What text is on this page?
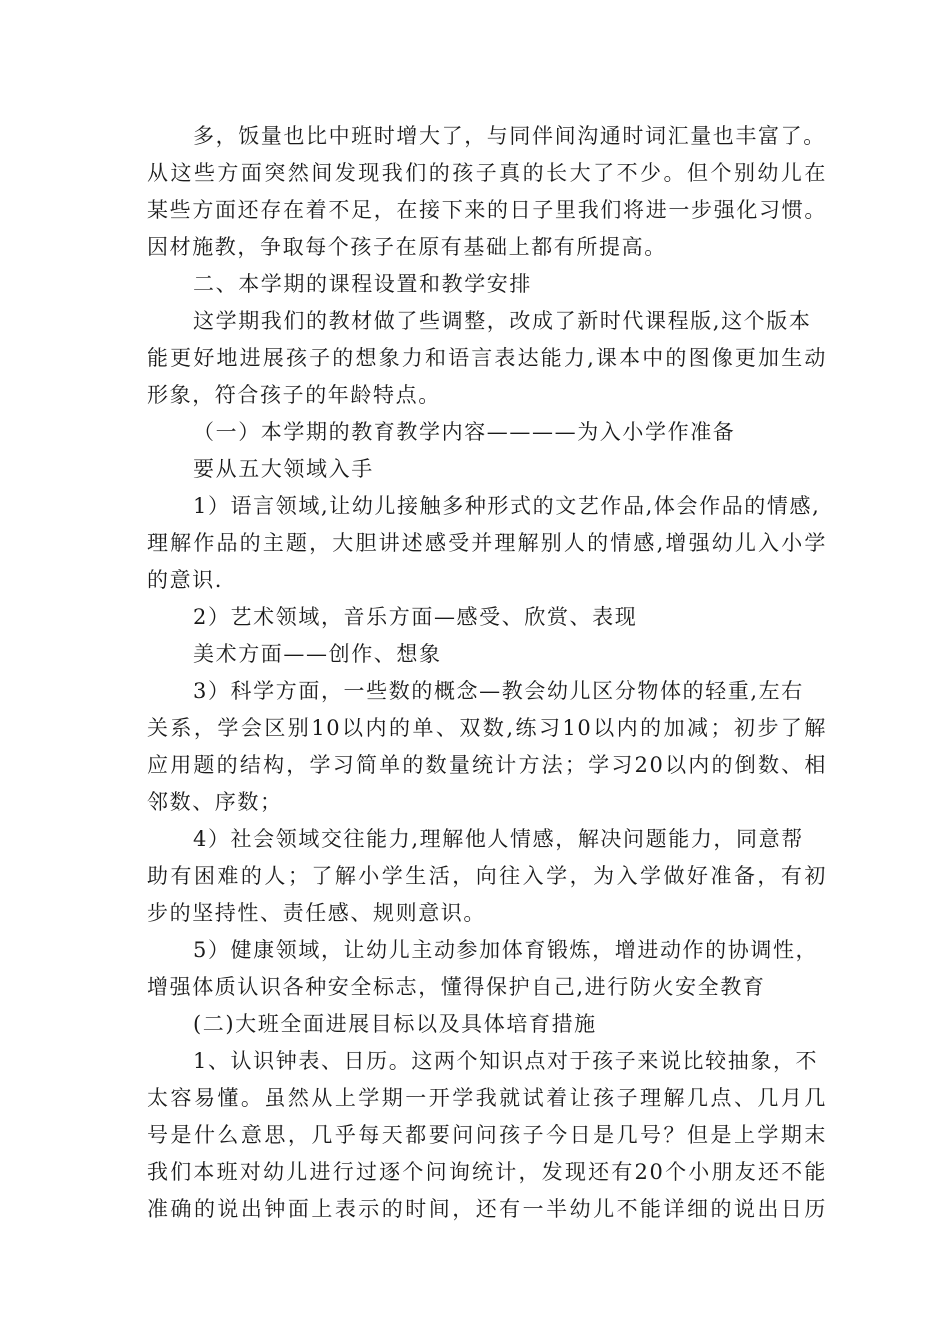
多，饭量也比中班时增大了，与同伴间沟通时词汇量也丰富了。
从这些方面突然间发现我们的孩子真的长大了不少。但个别幼儿在
某些方面还存在着不足，在接下来的日子里我们将进一步强化习惯。
因材施教，争取每个孩子在原有基础上都有所提高。
二、本学期的课程设置和教学安排
这学期我们的教材做了些调整，改成了新时代课程版,这个版本
能更好地进展孩子的想象力和语言表达能力,课本中的图像更加生动
形象，符合孩子的年龄特点。
（一）本学期的教育教学内容————为入小学作准备
要从五大领域入手
1）语言领域,让幼儿接触多种形式的文艺作品,体会作品的情感,
理解作品的主题，大胆讲述感受并理解别人的情感,增强幼儿入小学
的意识.
2）艺术领域，音乐方面—感受、欣赏、表现
美术方面——创作、想象
3）科学方面，一些数的概念—教会幼儿区分物体的轻重,左右
关系，学会区别10以内的单、双数,练习10以内的加减；初步了解
应用题的结构，学习简单的数量统计方法；学习20以内的倒数、相
邻数、序数；
4）社会领域交往能力,理解他人情感，解决问题能力，同意帮
助有困难的人；了解小学生活，向往入学，为入学做好准备，有初
步的坚持性、责任感、规则意识。
5）健康领域，让幼儿主动参加体育锻炼，增进动作的协调性，
增强体质认识各种安全标志，懂得保护自己,进行防火安全教育
(二)大班全面进展目标以及具体培育措施
1、认识钟表、日历。这两个知识点对于孩子来说比较抽象，不
太容易懂。虽然从上学期一开学我就试着让孩子理解几点、几月几
号是什么意思，几乎每天都要问问孩子今日是几号？但是上学期末
我们本班对幼儿进行过逐个问询统计，发现还有20个小朋友还不能
准确的说出钟面上表示的时间，还有一半幼儿不能详细的说出日历
